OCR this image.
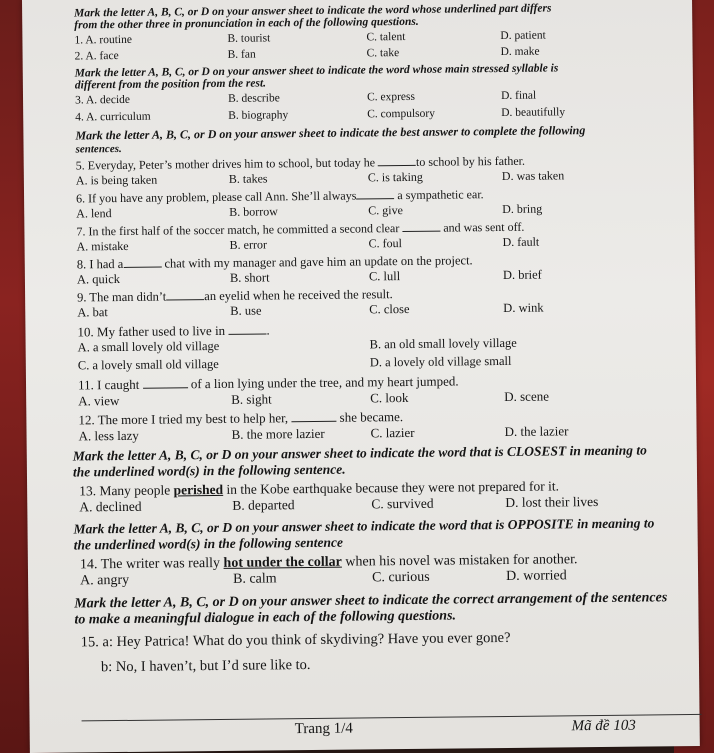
Mark the letter A, B, C, or D on your answer sheet to indicate the word whose underlined part differs
from the other three in pronunciation in each of the following questions.
1. A. routine	B. tourist	C. talent	D. patient
2. A. face	B. fan	C. take	D. make
Mark the letter A, B, C, or D on your answer sheet to indicate the word whose main stressed syllable is
different from the position from the rest.
3. A. decide	B. describe	C. express	D. final
4. A. curriculum	B. biography	C. compulsory	D. beautifully
Mark the letter A, B, C, or D on your answer sheet to indicate the best answer to complete the following
sentences.
5. Everyday, Peter’s mother drives him to school, but today he	to school by his father.
A. is being taken	B. takes	C. is taking	D. was taken
6. If you have any problem, please call Ann. She’ll always	a sympathetic ear.
A. lend	B. borrow	C. give	D. bring
7. In the first half of the soccer match, he committed a second clear	and was sent off.
A. mistake	B. error	C. foul	D. fault
8. I had a	chat with my manager and gave him an update on the project.
A. quick	B. short	C. lull	D. brief
9. The man didn’t	an eyelid when he received the result.
A. bat	B. use	C. close	D. wink
10. My father used to live in	.
A. a small lovely old village	B. an old small lovely village
C. a lovely small old village	D. a lovely old village small
11. I caught	of a lion lying under the tree, and my heart jumped.
A. view	B. sight	C. look	D. scene
12. The more I tried my best to help her,	she became.
A. less lazy	B. the more lazier	C. lazier	D. the lazier
Mark the letter A, B, C, or D on your answer sheet to indicate the word that is CLOSEST in meaning to
the underlined word(s) in the following sentence.
13. Many people perished in the Kobe earthquake because they were not prepared for it.
A. declined	B. departed	C. survived	D. lost their lives
Mark the letter A, B, C, or D on your answer sheet to indicate the word that is OPPOSITE in meaning to
the underlined word(s) in the following sentence
14. The writer was really hot under the collar when his novel was mistaken for another.
A. angry	B. calm	C. curious	D. worried
Mark the letter A, B, C, or D on your answer sheet to indicate the correct arrangement of the sentences
to make a meaningful dialogue in each of the following questions.
15. a: Hey Patrica! What do you think of skydiving? Have you ever gone?
b: No, I haven’t, but I’d sure like to.
Trang 1/4	Mã đề 103
